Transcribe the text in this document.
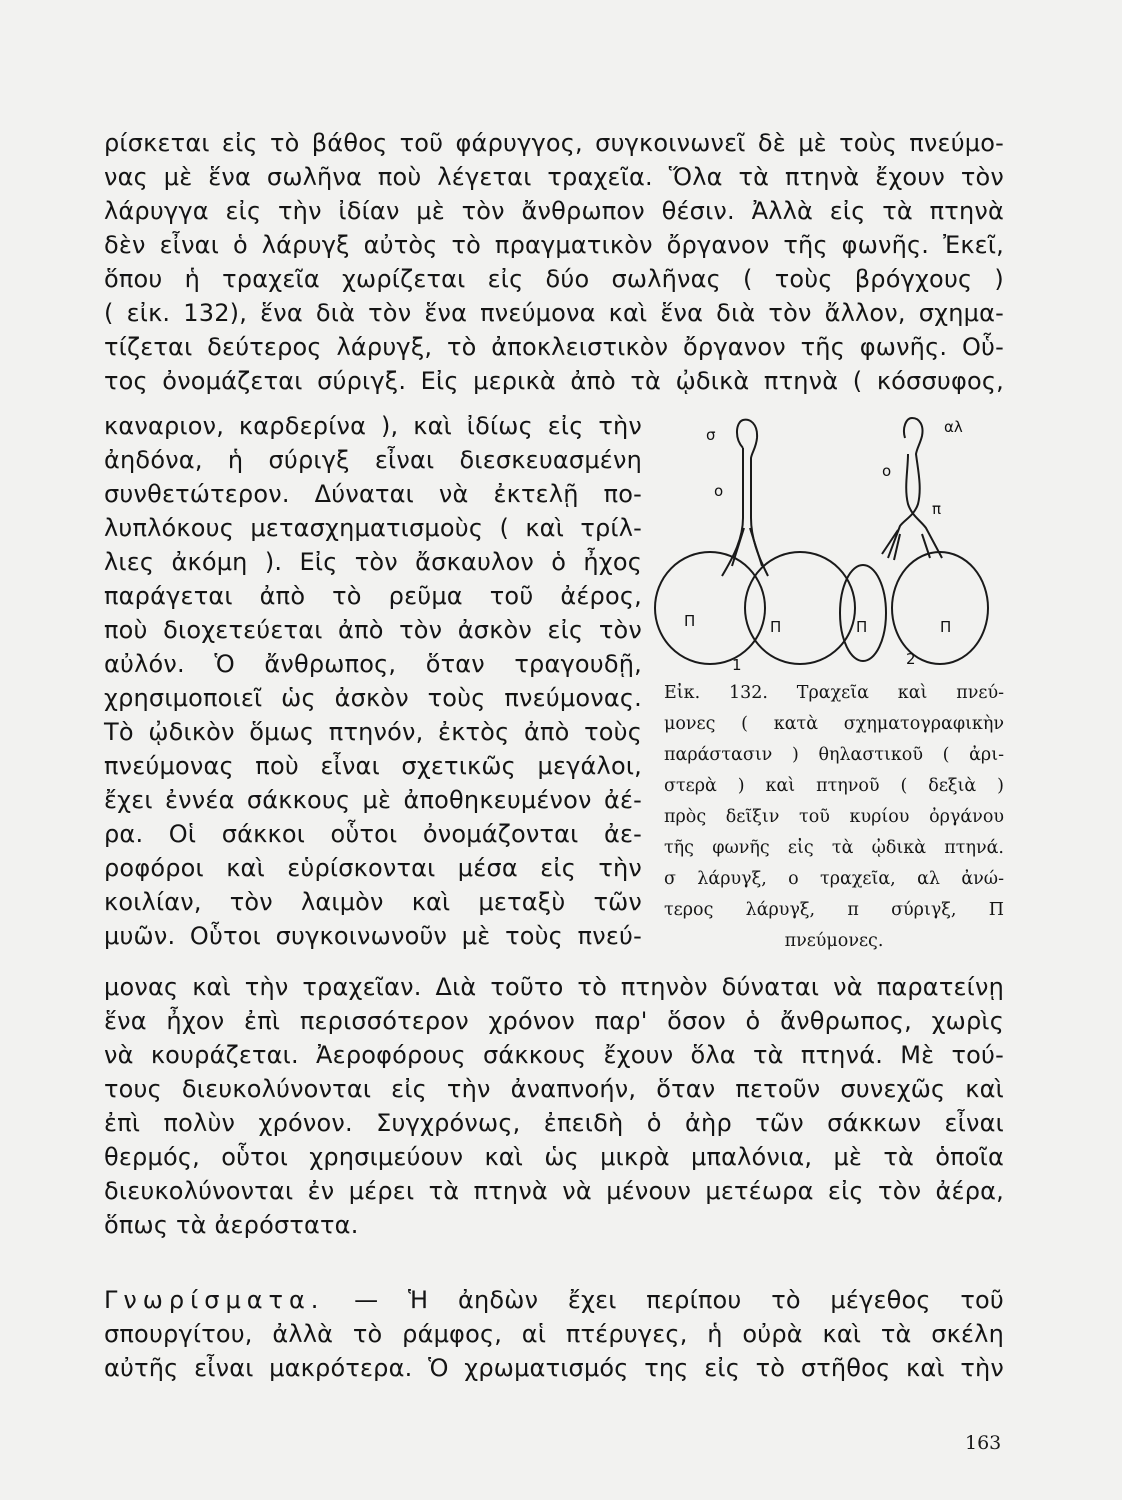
ρίσκεται εἰς τὸ βάθος τοῦ φάρυγγος, συγκοινωνεῖ δὲ μὲ τοὺς πνεύμο-
νας μὲ ἕνα σωλῆνα ποὺ λέγεται τραχεῖα. Ὅλα τὰ πτηνὰ ἔχουν τὸν
λάρυγγα εἰς τὴν ἰδίαν μὲ τὸν ἄνθρωπον θέσιν. Ἀλλὰ εἰς τὰ πτηνὰ
δὲν εἶναι ὁ λάρυγξ αὐτὸς τὸ πραγματικὸν ὄργανον τῆς φωνῆς. Ἐκεῖ,
ὅπου ἡ τραχεῖα χωρίζεται εἰς δύο σωλῆνας ( τοὺς βρόγχους )
( εἰκ. 132), ἕνα διὰ τὸν ἕνα πνεύμονα καὶ ἕνα διὰ τὸν ἄλλον, σχημα-
τίζεται δεύτερος λάρυγξ, τὸ ἀποκλειστικὸν ὄργανον τῆς φωνῆς. Οὗ-
τος ὀνομάζεται σύριγξ. Εἰς μερικὰ ἀπὸ τὰ ᾠδικὰ πτηνὰ ( κόσσυφος,
καναριον, καρδερίνα ), καὶ ἰδίως εἰς τὴν
ἀηδόνα, ἡ σύριγξ εἶναι διεσκευασμένη
συνθετώτερον. Δύναται νὰ ἐκτελῇ πο-
λυπλόκους μετασχηματισμοὺς ( καὶ τρίλ-
λιες ἀκόμη ). Εἰς τὸν ἄσκαυλον ὁ ἦχος
παράγεται ἀπὸ τὸ ρεῦμα τοῦ ἀέρος,
ποὺ διοχετεύεται ἀπὸ τὸν ἀσκὸν εἰς τὸν
αὐλόν. Ὁ ἄνθρωπος, ὅταν τραγουδῇ,
χρησιμοποιεῖ ὡς ἀσκὸν τοὺς πνεύμονας.
Τὸ ᾠδικὸν ὅμως πτηνόν, ἐκτὸς ἀπὸ τοὺς
πνεύμονας ποὺ εἶναι σχετικῶς μεγάλοι,
ἔχει ἐννέα σάκκους μὲ ἀποθηκευμένον ἀέ-
ρα. Οἱ σάκκοι οὗτοι ὀνομάζονται ἀε-
ροφόροι καὶ εὑρίσκονται μέσα εἰς τὴν
κοιλίαν, τὸν λαιμὸν καὶ μεταξὺ τῶν
μυῶν. Οὗτοι συγκοινωνοῦν μὲ τοὺς πνεύ-
σ	αλ
ο
ο
π
Π	Π	Π	Π
1	2
Εἰκ. 132. Τραχεῖα καὶ πνεύ-
μονες ( κατὰ σχηματογραφικὴν
παράστασιν ) θηλαστικοῦ ( ἀρι-
στερὰ ) καὶ πτηνοῦ ( δεξιὰ )
πρὸς δεῖξιν τοῦ κυρίου ὀργάνου
τῆς φωνῆς εἰς τὰ ᾠδικὰ πτηνά.
σ λάρυγξ, ο τραχεῖα, αλ ἀνώ-
τερος λάρυγξ, π σύριγξ, Π
πνεύμονες.
μονας καὶ τὴν τραχεῖαν. Διὰ τοῦτο τὸ πτηνὸν δύναται νὰ παρατείνῃ
ἕνα ἦχον ἐπὶ περισσότερον χρόνον παρ' ὅσον ὁ ἄνθρωπος, χωρὶς
νὰ κουράζεται. Ἀεροφόρους σάκκους ἔχουν ὅλα τὰ πτηνά. Μὲ τού-
τους διευκολύνονται εἰς τὴν ἀναπνοήν, ὅταν πετοῦν συνεχῶς καὶ
ἐπὶ πολὺν χρόνον. Συγχρόνως, ἐπειδὴ ὁ ἀὴρ τῶν σάκκων εἶναι
θερμός, οὗτοι χρησιμεύουν καὶ ὡς μικρὰ μπαλόνια, μὲ τὰ ὁποῖα
διευκολύνονται ἐν μέρει τὰ πτηνὰ νὰ μένουν μετέωρα εἰς τὸν ἀέρα,
ὅπως τὰ ἀερόστατα.
Γνωρίσματα. — Ἡ ἀηδὼν ἔχει περίπου τὸ μέγεθος τοῦ
σπουργίτου, ἀλλὰ τὸ ράμφος, αἱ πτέρυγες, ἡ οὐρὰ καὶ τὰ σκέλη
αὐτῆς εἶναι μακρότερα. Ὁ χρωματισμός της εἰς τὸ στῆθος καὶ τὴν
163
